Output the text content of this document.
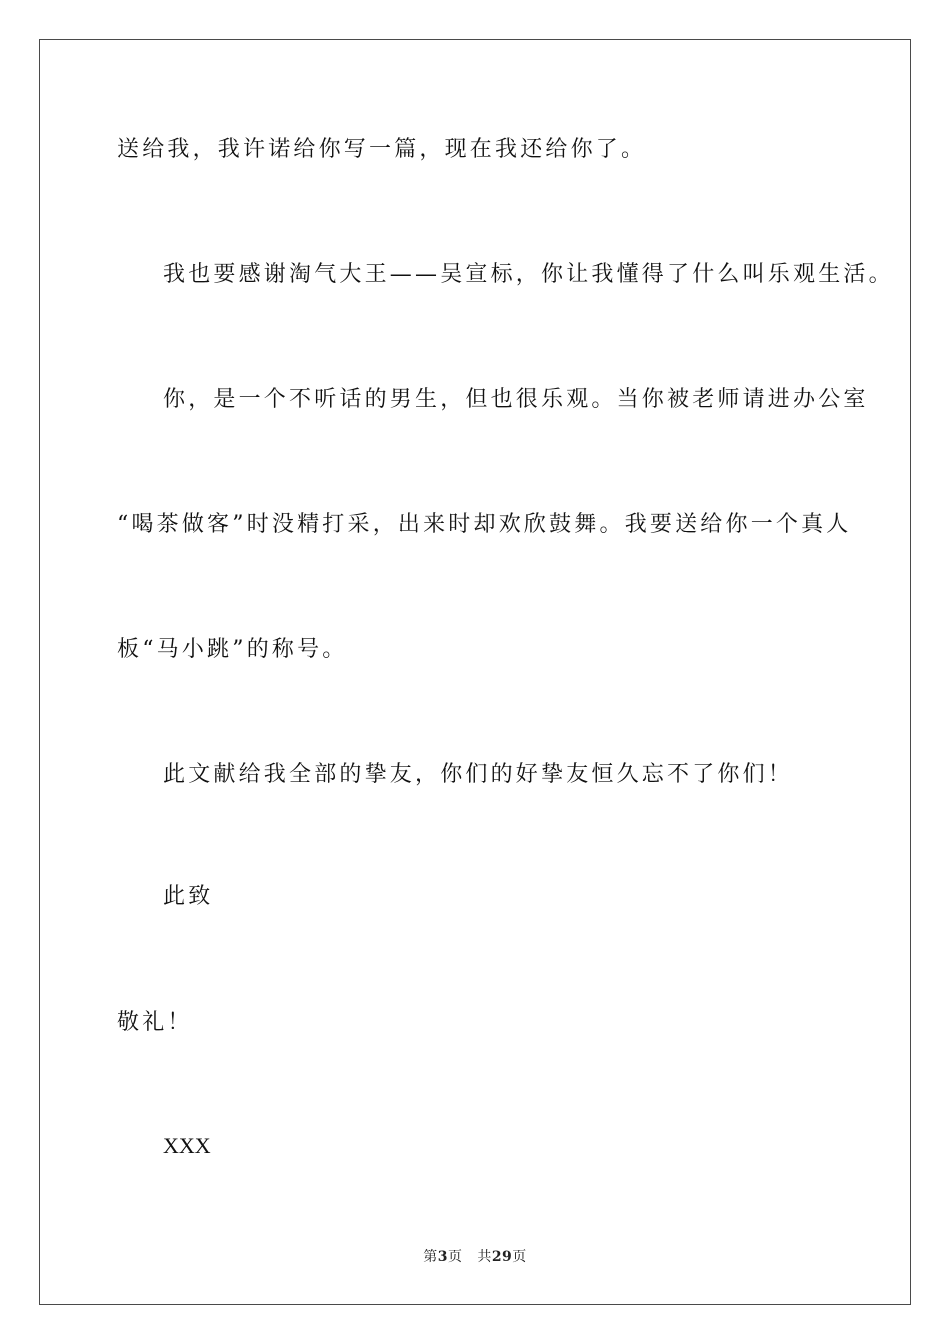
送给我，我许诺给你写一篇，现在我还给你了。
我也要感谢淘气大王——吴宣标，你让我懂得了什么叫乐观生活。
你，是一个不听话的男生，但也很乐观。当你被老师请进办公室
“喝茶做客”时没精打采，出来时却欢欣鼓舞。我要送给你一个真人
板“马小跳”的称号。
此文献给我全部的挚友，你们的好挚友恒久忘不了你们！
此致
敬礼！
XXX
第3页 共29页
